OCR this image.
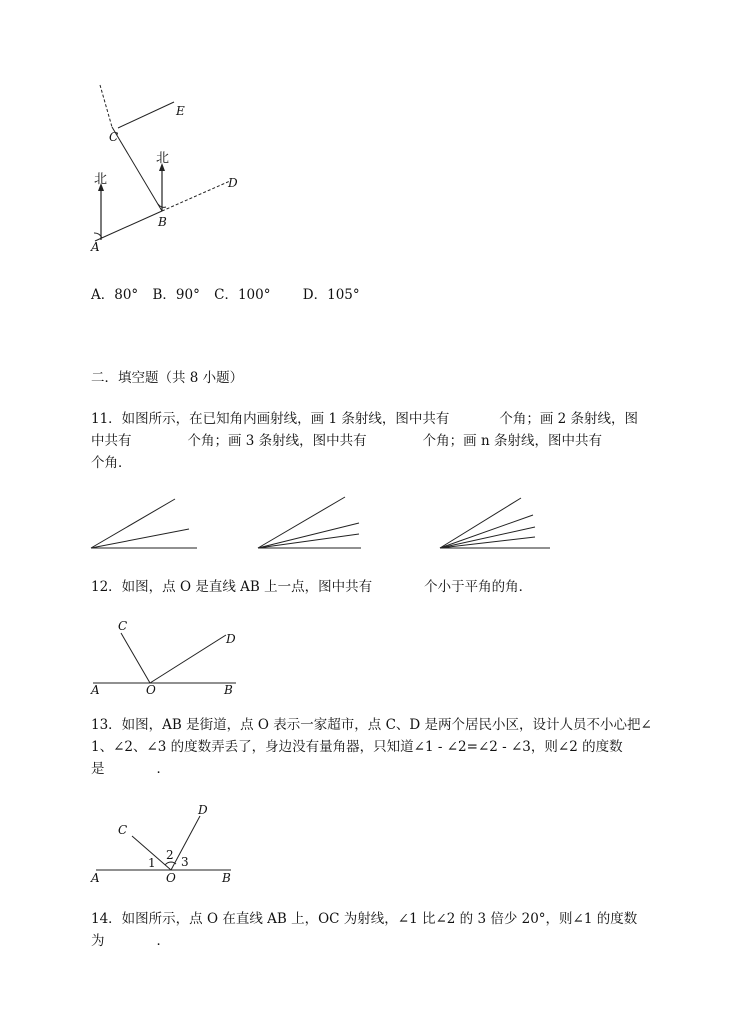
A
B
C
D
E
北
北
A．80° B．90° C．100° D．105°
二．填空题（共 8 小题）
11．如图所示，在已知角内画射线，画 1 条射线，图中共有	个角；画 2 条射线，图
中共有	个角；画 3 条射线，图中共有	个角；画 n 条射线，图中共有
个角．
12．如图，点 O 是直线 AB 上一点，图中共有	个小于平角的角．
C
D
A	O	B
13．如图，AB 是街道，点 O 表示一家超市，点 C、D 是两个居民小区，设计人员不小心把∠
1、∠2、∠3 的度数弄丢了，身边没有量角器，只知道∠1 - ∠2=∠2 - ∠3，则∠2 的度数
是	．
C
D
A	O	B
1
2 3
14．如图所示，点 O 在直线 AB 上，OC 为射线，∠1 比∠2 的 3 倍少 20°，则∠1 的度数
为	．
